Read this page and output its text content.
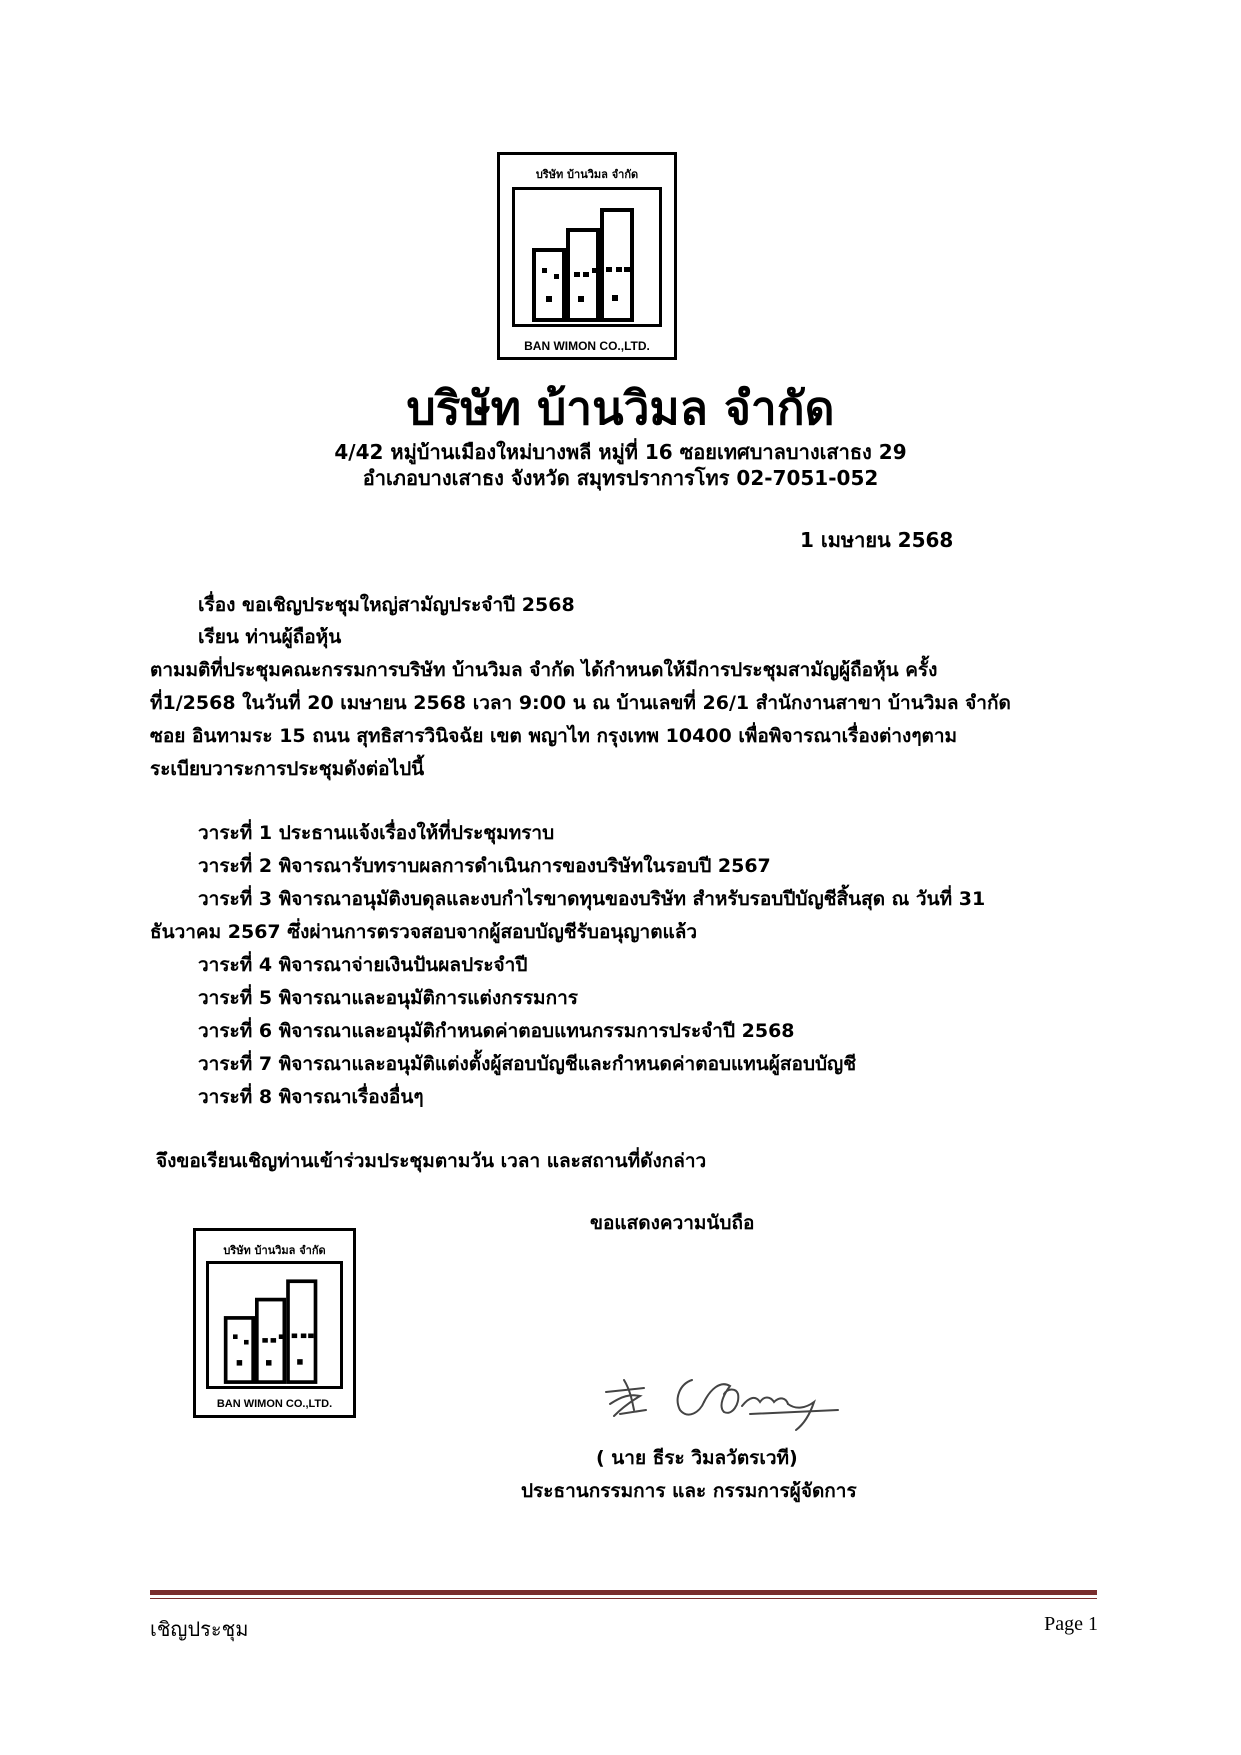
บริษัท บ้านวิมล จำกัด
BAN WIMON CO.,LTD.
บริษัท บ้านวิมล จำกัด
4/42 หมู่บ้านเมืองใหม่บางพลี หมู่ที่ 16 ซอยเทศบาลบางเสาธง 29
อำเภอบางเสาธง จังหวัด สมุทรปราการโทร 02-7051-052
1 เมษายน 2568
เรื่อง ขอเชิญประชุมใหญ่สามัญประจำปี 2568
เรียน ท่านผู้ถือหุ้น
ตามมติที่ประชุมคณะกรรมการบริษัท บ้านวิมล จำกัด ได้กำหนดให้มีการประชุมสามัญผู้ถือหุ้น ครั้ง
ที่1/2568 ในวันที่ 20 เมษายน 2568 เวลา 9:00 น ณ บ้านเลขที่ 26/1 สำนักงานสาขา บ้านวิมล จำกัด
ซอย อินทามระ 15 ถนน สุทธิสารวินิจฉัย เขต พญาไท กรุงเทพ 10400 เพื่อพิจารณาเรื่องต่างๆตาม
ระเบียบวาระการประชุมดังต่อไปนี้
วาระที่ 1 ประธานแจ้งเรื่องให้ที่ประชุมทราบ
วาระที่ 2 พิจารณารับทราบผลการดำเนินการของบริษัทในรอบปี 2567
วาระที่ 3 พิจารณาอนุมัติงบดุลและงบกำไรขาดทุนของบริษัท สำหรับรอบปีบัญชีสิ้นสุด ณ วันที่ 31
ธันวาคม 2567 ซึ่งผ่านการตรวจสอบจากผู้สอบบัญชีรับอนุญาตแล้ว
วาระที่ 4 พิจารณาจ่ายเงินปันผลประจำปี
วาระที่ 5 พิจารณาและอนุมัติการแต่งกรรมการ
วาระที่ 6 พิจารณาและอนุมัติกำหนดค่าตอบแทนกรรมการประจำปี 2568
วาระที่ 7 พิจารณาและอนุมัติแต่งตั้งผู้สอบบัญชีและกำหนดค่าตอบแทนผู้สอบบัญชี
วาระที่ 8 พิจารณาเรื่องอื่นๆ
จึงขอเรียนเชิญท่านเข้าร่วมประชุมตามวัน เวลา และสถานที่ดังกล่าว
ขอแสดงความนับถือ
บริษัท บ้านวิมล จำกัด
BAN WIMON CO.,LTD.
( นาย ธีระ วิมลวัตรเวที)
ประธานกรรมการ และ กรรมการผู้จัดการ
เชิญประชุม	Page 1
